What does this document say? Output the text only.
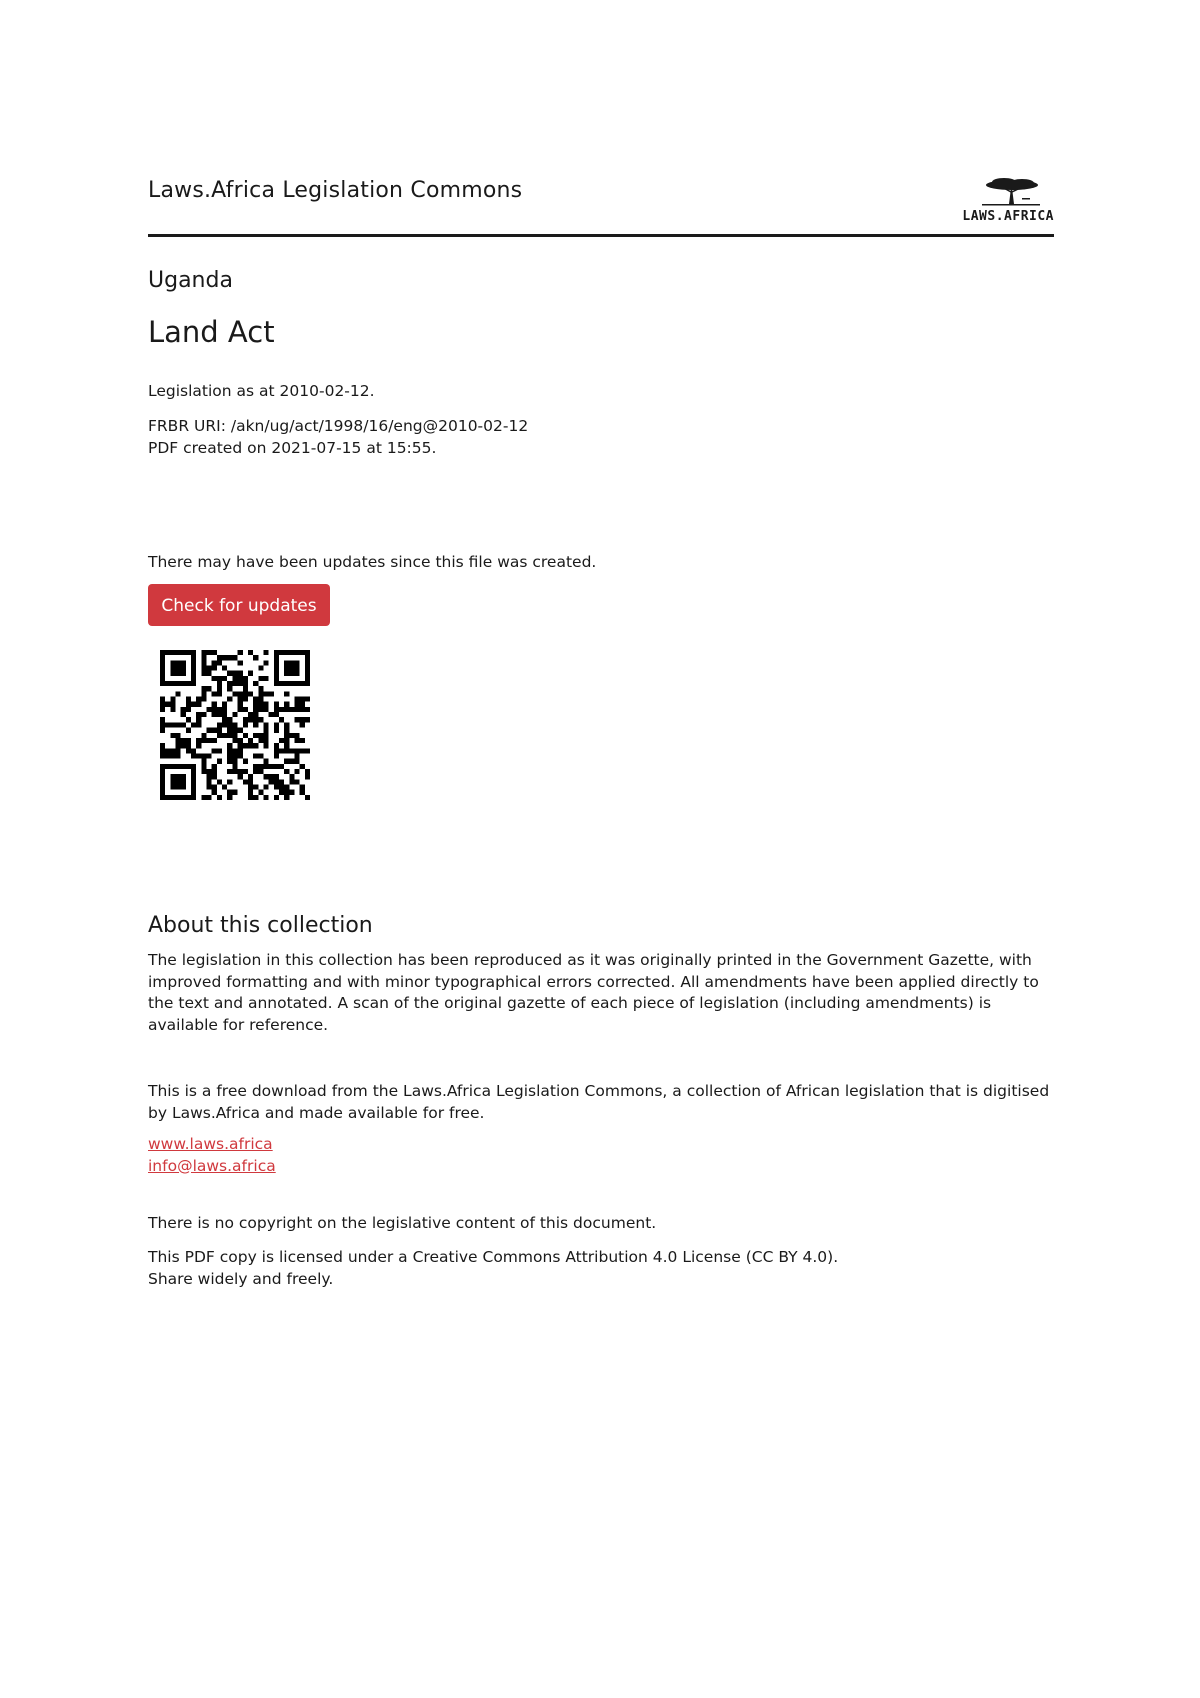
Laws.Africa Legislation Commons
LAWS.AFRICA
Uganda
Land Act
Legislation as at 2010-02-12.
FRBR URI: /akn/ug/act/1998/16/eng@2010-02-12
PDF created on 2021-07-15 at 15:55.
There may have been updates since this file was created.
Check for updates
About this collection
The legislation in this collection has been reproduced as it was originally printed in the Government Gazette, with improved formatting and with minor typographical errors corrected. All amendments have been applied directly to the text and annotated. A scan of the original gazette of each piece of legislation (including amendments) is available for reference.
This is a free download from the Laws.Africa Legislation Commons, a collection of African legislation that is digitised by Laws.Africa and made available for free.
www.laws.africa
info@laws.africa
There is no copyright on the legislative content of this document.
This PDF copy is licensed under a Creative Commons Attribution 4.0 License (CC BY 4.0).
Share widely and freely.
